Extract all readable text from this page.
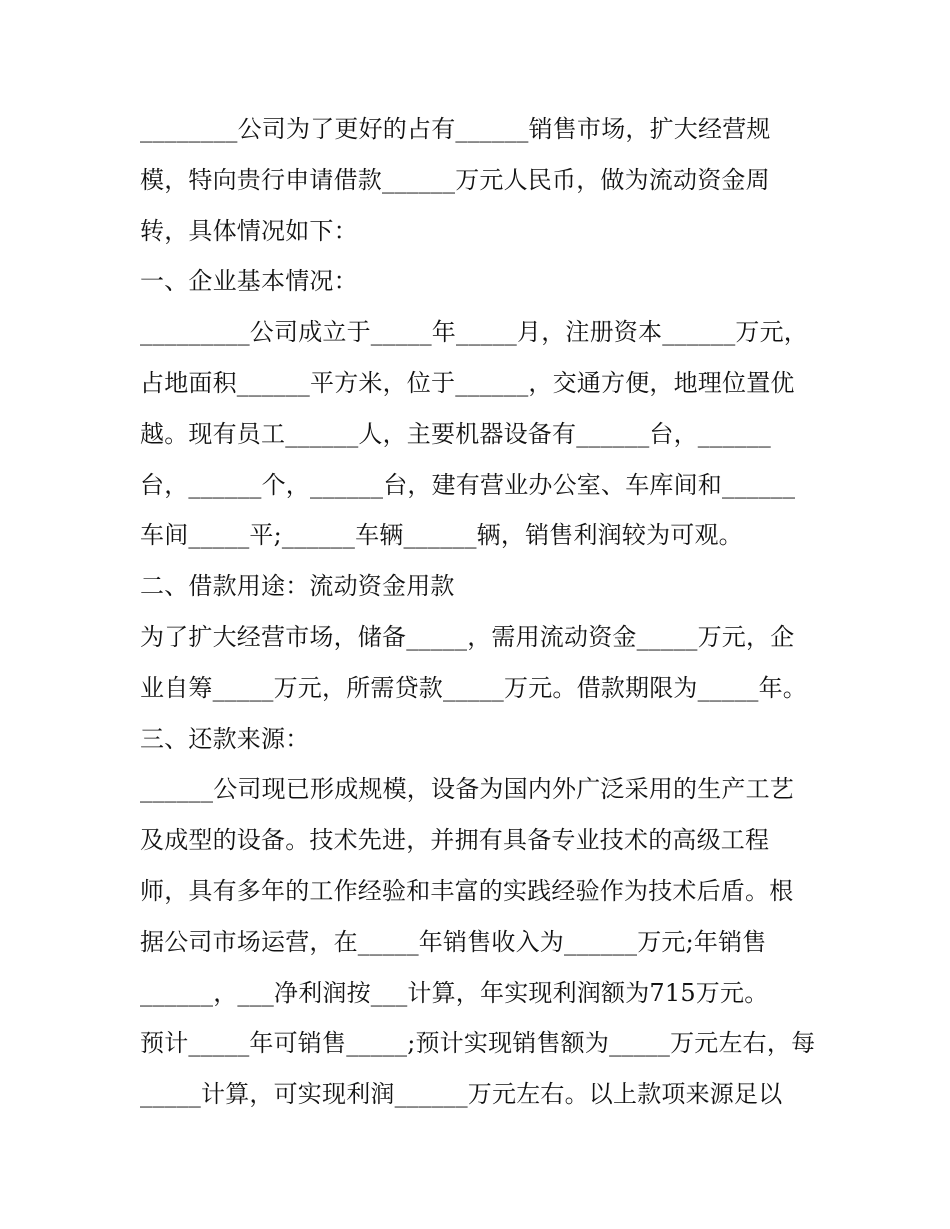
________公司为了更好的占有______销售市场，扩大经营规
模，特向贵行申请借款______万元人民币，做为流动资金周
转，具体情况如下：
一、企业基本情况：
_________公司成立于_____年_____月，注册资本______万元，
占地面积______平方米，位于______，交通方便，地理位置优
越。现有员工______人，主要机器设备有______台，______
台，______个，______台，建有营业办公室、车库间和______
车间_____平;______车辆______辆，销售利润较为可观。
二、借款用途：流动资金用款
为了扩大经营市场，储备_____，需用流动资金_____万元，企
业自筹_____万元，所需贷款_____万元。借款期限为_____年。
三、还款来源：
______公司现已形成规模，设备为国内外广泛采用的生产工艺
及成型的设备。技术先进，并拥有具备专业技术的高级工程
师，具有多年的工作经验和丰富的实践经验作为技术后盾。根
据公司市场运营，在_____年销售收入为______万元;年销售
______，___净利润按___计算，年实现利润额为715万元。
预计_____年可销售_____;预计实现销售额为_____万元左右，每
_____计算，可实现利润______万元左右。以上款项来源足以
